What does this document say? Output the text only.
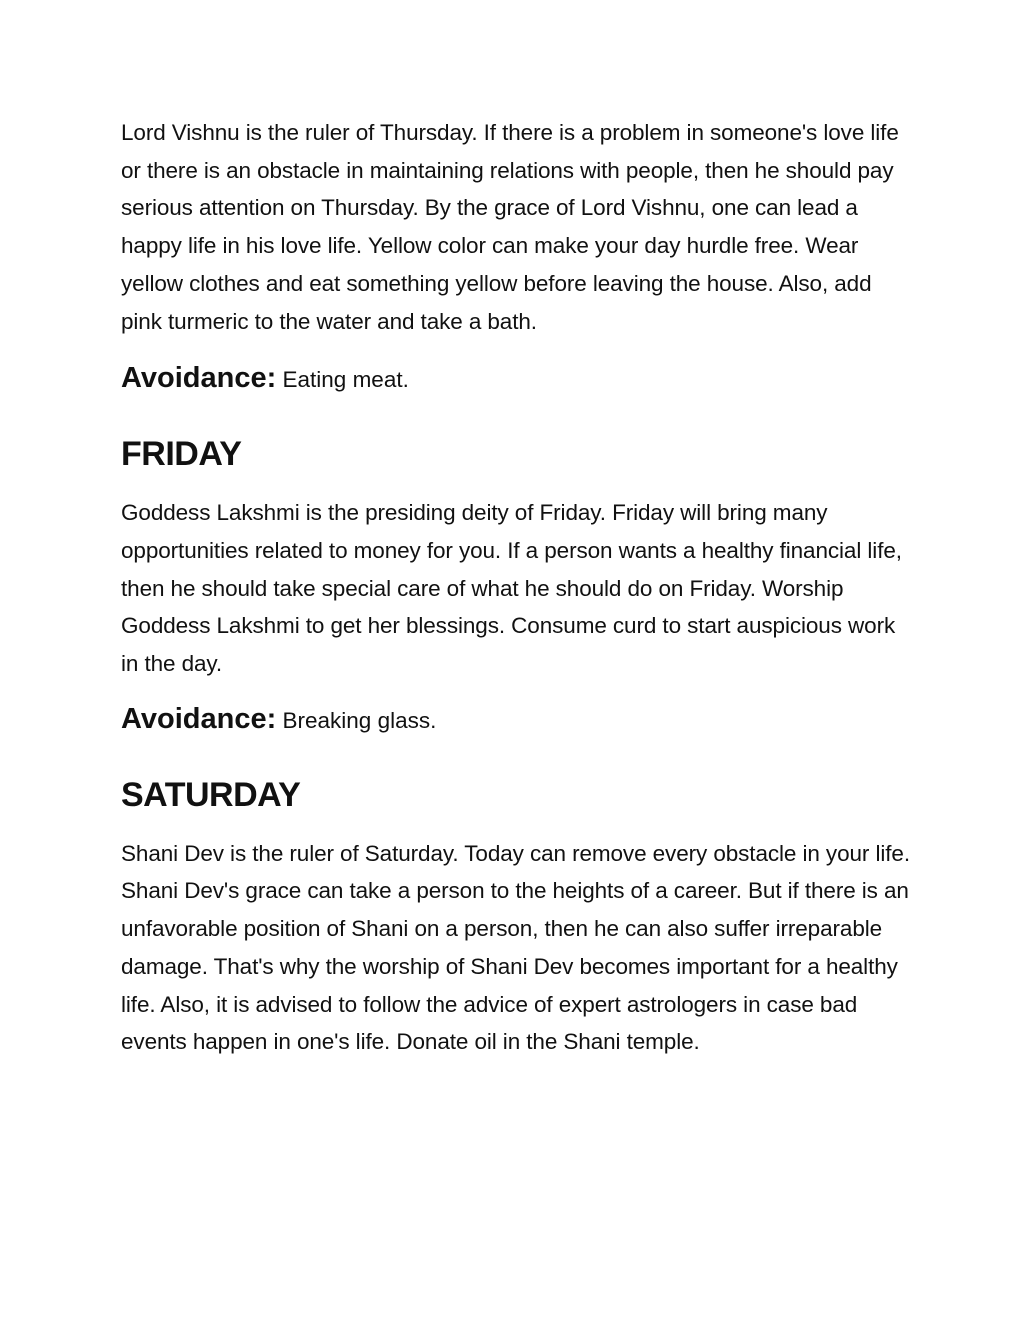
Lord Vishnu is the ruler of Thursday. If there is a problem in someone's love life or there is an obstacle in maintaining relations with people, then he should pay serious attention on Thursday. By the grace of Lord Vishnu, one can lead a happy life in his love life. Yellow color can make your day hurdle free. Wear yellow clothes and eat something yellow before leaving the house. Also, add pink turmeric to the water and take a bath.

Avoidance: Eating meat.

FRIDAY

Goddess Lakshmi is the presiding deity of Friday. Friday will bring many opportunities related to money for you. If a person wants a healthy financial life, then he should take special care of what he should do on Friday. Worship Goddess Lakshmi to get her blessings. Consume curd to start auspicious work in the day.

Avoidance: Breaking glass.

SATURDAY

Shani Dev is the ruler of Saturday. Today can remove every obstacle in your life. Shani Dev's grace can take a person to the heights of a career. But if there is an unfavorable position of Shani on a person, then he can also suffer irreparable damage. That's why the worship of Shani Dev becomes important for a healthy life. Also, it is advised to follow the advice of expert astrologers in case bad events happen in one's life. Donate oil in the Shani temple.
